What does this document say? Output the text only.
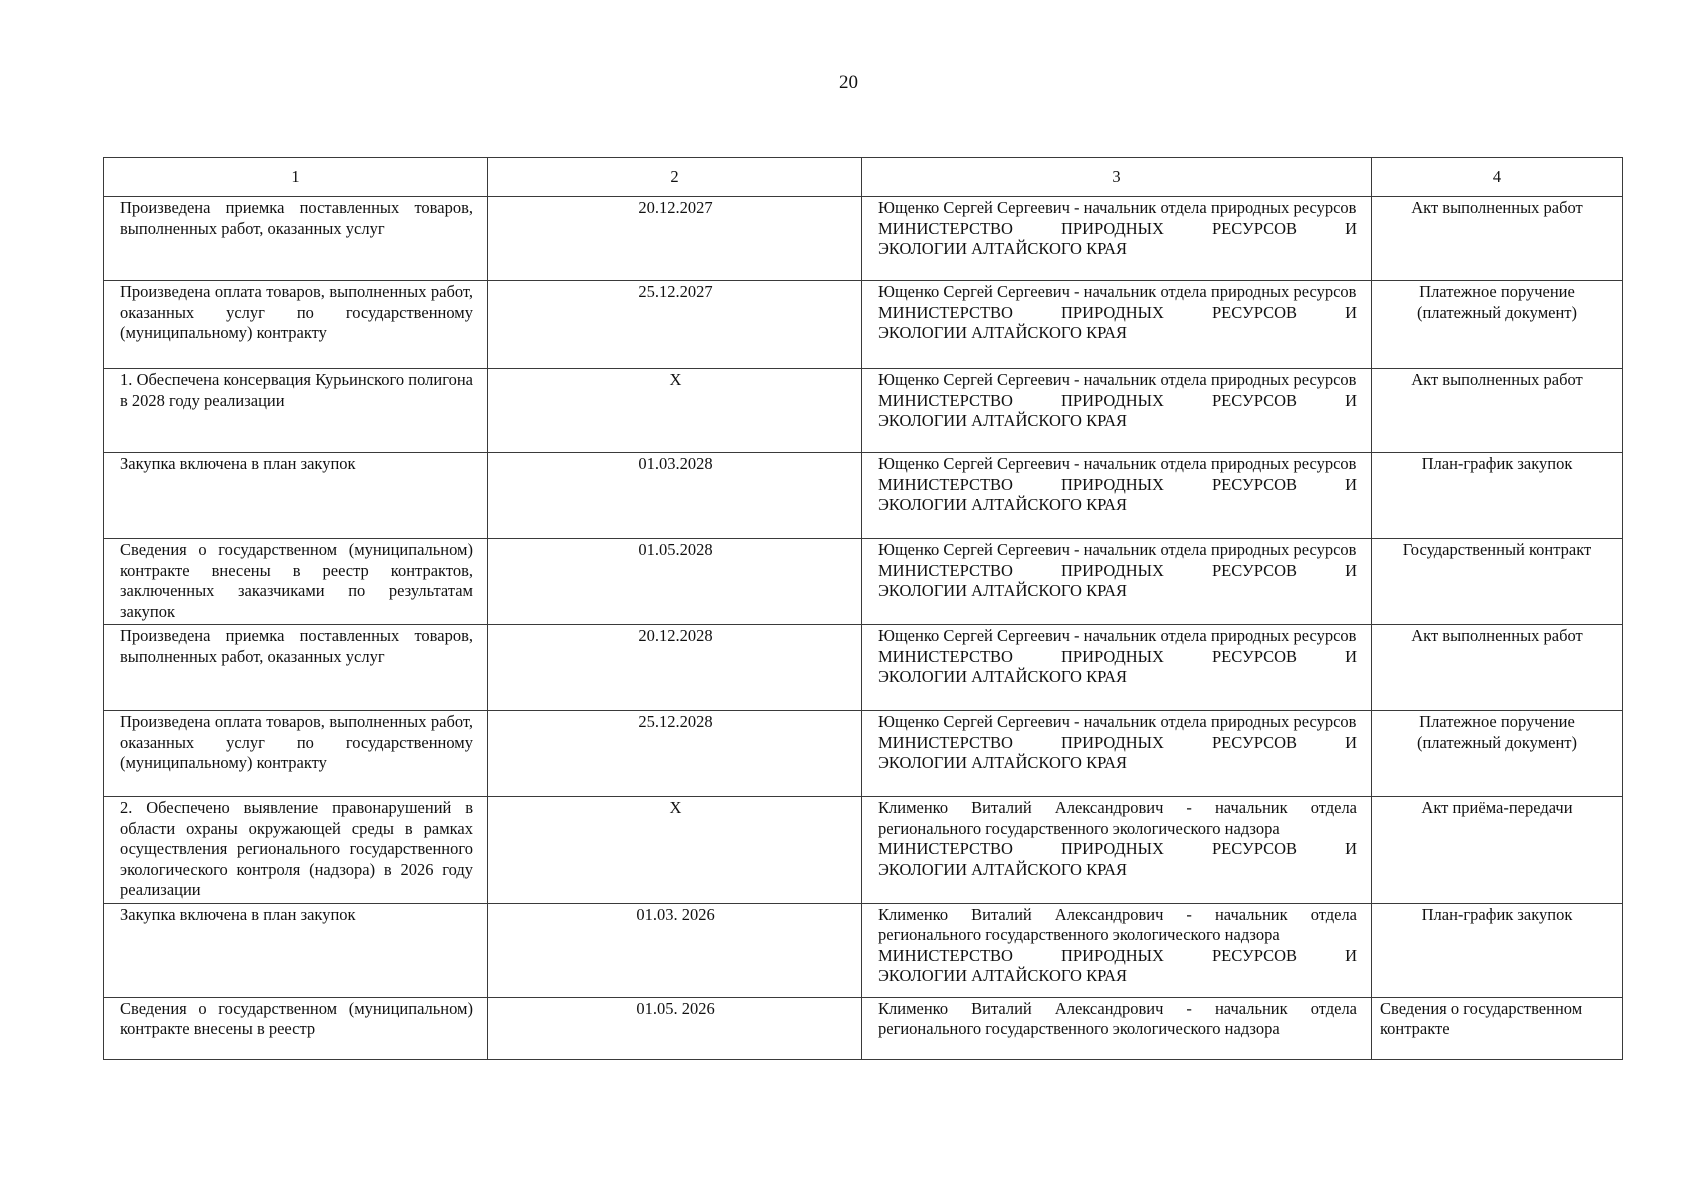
20
1	2	3	4
Произведена приемка поставленных товаров, выполненных работ, оказанных услуг	20.12.2027	Ющенко Сергей Сергеевич - начальник отдела природных ресурсов
МИНИСТЕРСТВО ПРИРОДНЫХ РЕСУРСОВ И
ЭКОЛОГИИ АЛТАЙСКОГО КРАЯ	Акт выполненных работ
Произведена оплата товаров, выполненных работ, оказанных услуг по государственному (муниципальному) контракту	25.12.2027	Ющенко Сергей Сергеевич - начальник отдела природных ресурсов
МИНИСТЕРСТВО ПРИРОДНЫХ РЕСУРСОВ И
ЭКОЛОГИИ АЛТАЙСКОГО КРАЯ	Платежное поручение (платежный документ)
1. Обеспечена консервация Курьинского полигона в 2028 году реализации	X	Ющенко Сергей Сергеевич - начальник отдела природных ресурсов
МИНИСТЕРСТВО ПРИРОДНЫХ РЕСУРСОВ И
ЭКОЛОГИИ АЛТАЙСКОГО КРАЯ	Акт выполненных работ
Закупка включена в план закупок	01.03.2028	Ющенко Сергей Сергеевич - начальник отдела природных ресурсов
МИНИСТЕРСТВО ПРИРОДНЫХ РЕСУРСОВ И
ЭКОЛОГИИ АЛТАЙСКОГО КРАЯ	План-график закупок
Сведения о государственном (муниципальном) контракте внесены в реестр контрактов, заключенных заказчиками по результатам закупок	01.05.2028	Ющенко Сергей Сергеевич - начальник отдела природных ресурсов
МИНИСТЕРСТВО ПРИРОДНЫХ РЕСУРСОВ И
ЭКОЛОГИИ АЛТАЙСКОГО КРАЯ	Государственный контракт
Произведена приемка поставленных товаров, выполненных работ, оказанных услуг	20.12.2028	Ющенко Сергей Сергеевич - начальник отдела природных ресурсов
МИНИСТЕРСТВО ПРИРОДНЫХ РЕСУРСОВ И
ЭКОЛОГИИ АЛТАЙСКОГО КРАЯ	Акт выполненных работ
Произведена оплата товаров, выполненных работ, оказанных услуг по государственному (муниципальному) контракту	25.12.2028	Ющенко Сергей Сергеевич - начальник отдела природных ресурсов
МИНИСТЕРСТВО ПРИРОДНЫХ РЕСУРСОВ И
ЭКОЛОГИИ АЛТАЙСКОГО КРАЯ	Платежное поручение (платежный документ)
2. Обеспечено выявление правонарушений в области охраны окружающей среды в рамках осуществления регионального государственного экологического контроля (надзора) в 2026 году реализации	X	Клименко Виталий Александрович - начальник отдела регионального государственного экологического надзора
МИНИСТЕРСТВО ПРИРОДНЫХ РЕСУРСОВ И
ЭКОЛОГИИ АЛТАЙСКОГО КРАЯ	Акт приёма-передачи
Закупка включена в план закупок	01.03. 2026	Клименко Виталий Александрович - начальник отдела регионального государственного экологического надзора
МИНИСТЕРСТВО ПРИРОДНЫХ РЕСУРСОВ И
ЭКОЛОГИИ АЛТАЙСКОГО КРАЯ	План-график закупок
Сведения о государственном (муниципальном) контракте внесены в реестр	01.05. 2026	Клименко Виталий Александрович - начальник отдела регионального государственного экологического надзора	Сведения о государственном контракте
